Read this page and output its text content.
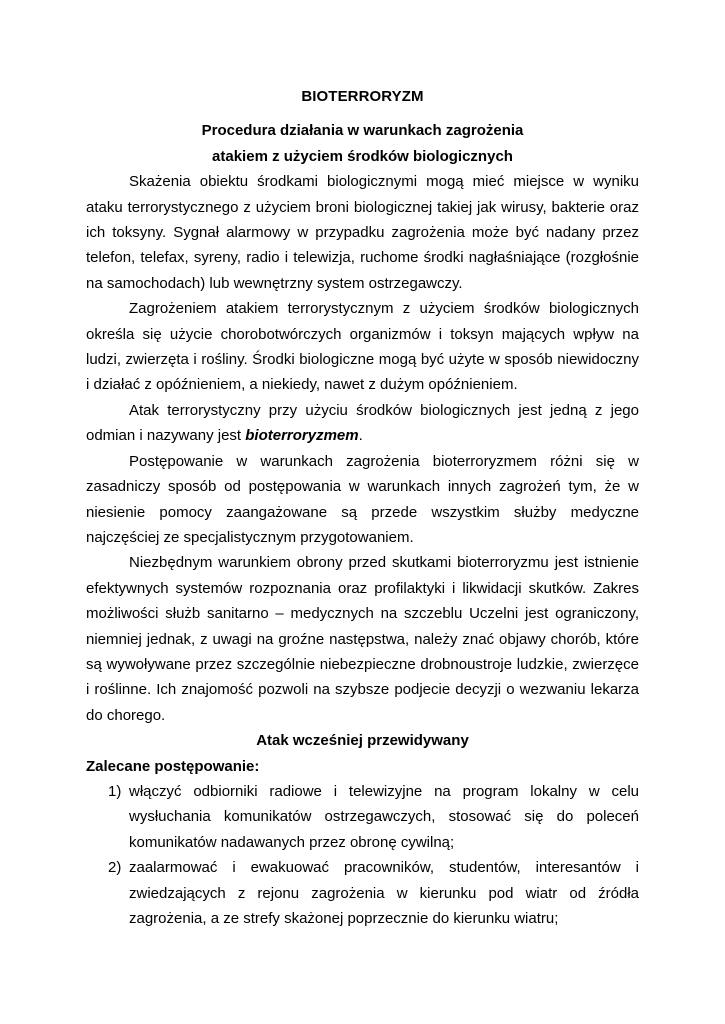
BIOTERRORYZM
Procedura działania w warunkach zagrożenia
atakiem z użyciem środków biologicznych

Skażenia obiektu środkami biologicznymi mogą mieć miejsce w wyniku ataku terrorystycznego z użyciem broni biologicznej takiej jak wirusy, bakterie oraz ich toksyny. Sygnał alarmowy w przypadku zagrożenia może być nadany przez telefon, telefax, syreny, radio i telewizja, ruchome środki nagłaśniające (rozgłośnie na samochodach) lub wewnętrzny system ostrzegawczy.

Zagrożeniem atakiem terrorystycznym z użyciem środków biologicznych określa się użycie chorobotwórczych organizmów i toksyn mających wpływ na ludzi, zwierzęta i rośliny. Środki biologiczne mogą być użyte w sposób niewidoczny i działać z opóźnieniem, a niekiedy, nawet z dużym opóźnieniem.

Atak terrorystyczny przy użyciu środków biologicznych jest jedną z jego odmian i nazywany jest bioterroryzmem.

Postępowanie w warunkach zagrożenia bioterroryzmem różni się w zasadniczy sposób od postępowania w warunkach innych zagrożeń tym, że w niesienie pomocy zaangażowane są przede wszystkim służby medyczne najczęściej ze specjalistycznym przygotowaniem.

Niezbędnym warunkiem obrony przed skutkami bioterroryzmu jest istnienie efektywnych systemów rozpoznania oraz profilaktyki i likwidacji skutków. Zakres możliwości służb sanitarno – medycznych na szczeblu Uczelni jest ograniczony, niemniej jednak, z uwagi na groźne następstwa, należy znać objawy chorób, które są wywoływane przez szczególnie niebezpieczne drobnoustroje ludzkie, zwierzęce i roślinne. Ich znajomość pozwoli na szybsze podjecie decyzji o wezwaniu lekarza do chorego.

Atak wcześniej przewidywany
Zalecane postępowanie:
1) włączyć odbiorniki radiowe i telewizyjne na program lokalny w celu wysłuchania komunikatów ostrzegawczych, stosować się do poleceń komunikatów nadawanych przez obronę cywilną;
2) zaalarmować i ewakuować pracowników, studentów, interesantów i zwiedzających z rejonu zagrożenia w kierunku pod wiatr od źródła zagrożenia, a ze strefy skażonej poprzecznie do kierunku wiatru;
